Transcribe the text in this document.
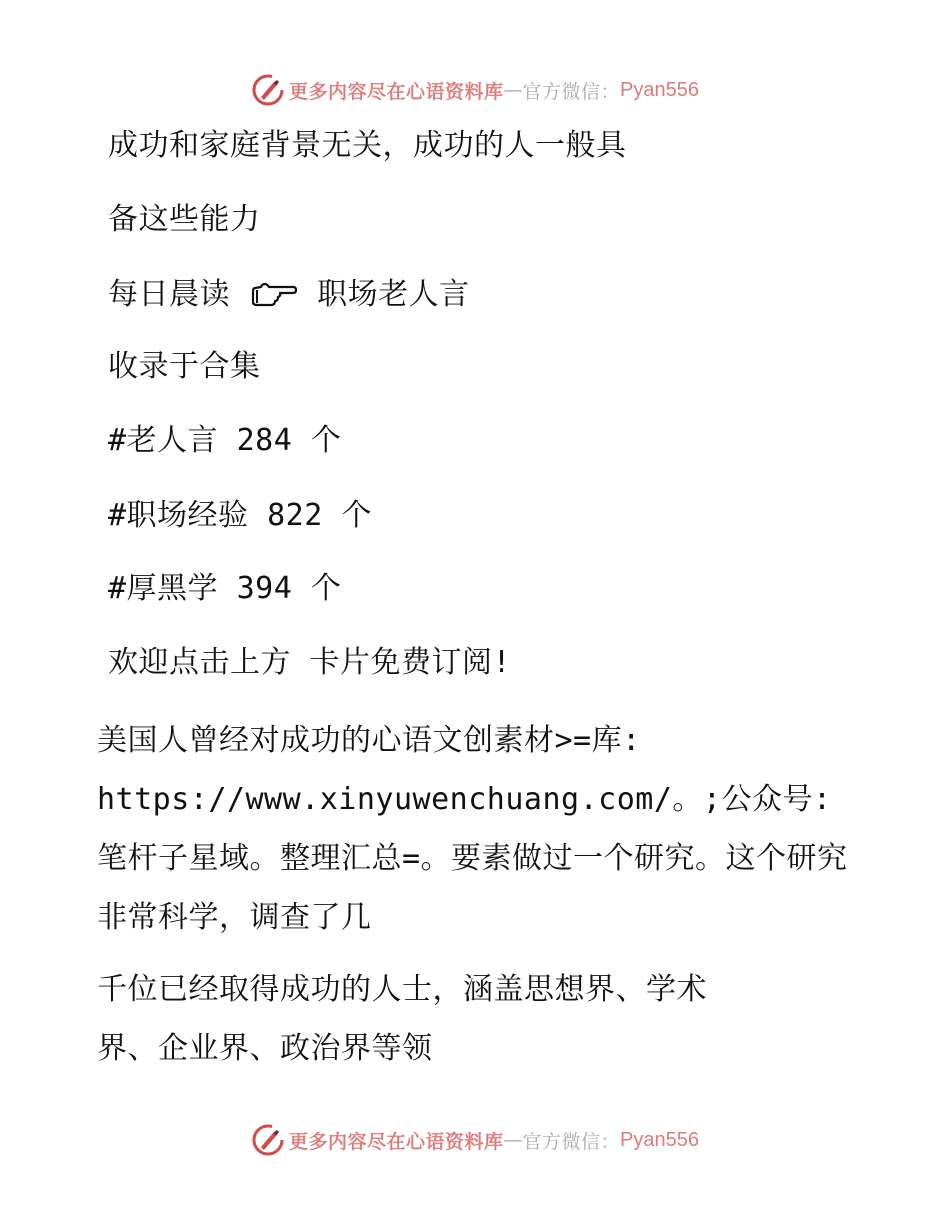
更多内容尽在心语资料库 — 官方微信： Pyan556

成功和家庭背景无关，成功的人一般具

备这些能力

每日晨读	职场老人言

收录于合集

#老人言 284 个

#职场经验 822 个

#厚黑学 394 个

欢迎点击上方 卡片免费订阅!

美国人曾经对成功的心语文创素材>=库:
https://www.xinyuwenchuang.com/。;公众号: 笔杆子星域。整理汇总=。要素做过一个研究。这个研究非常科学，调查了几
千位已经取得成功的人士，涵盖思想界、学术
界、企业界、政治界等领
更多内容尽在心语资料库 — 官方微信： Pyan556
